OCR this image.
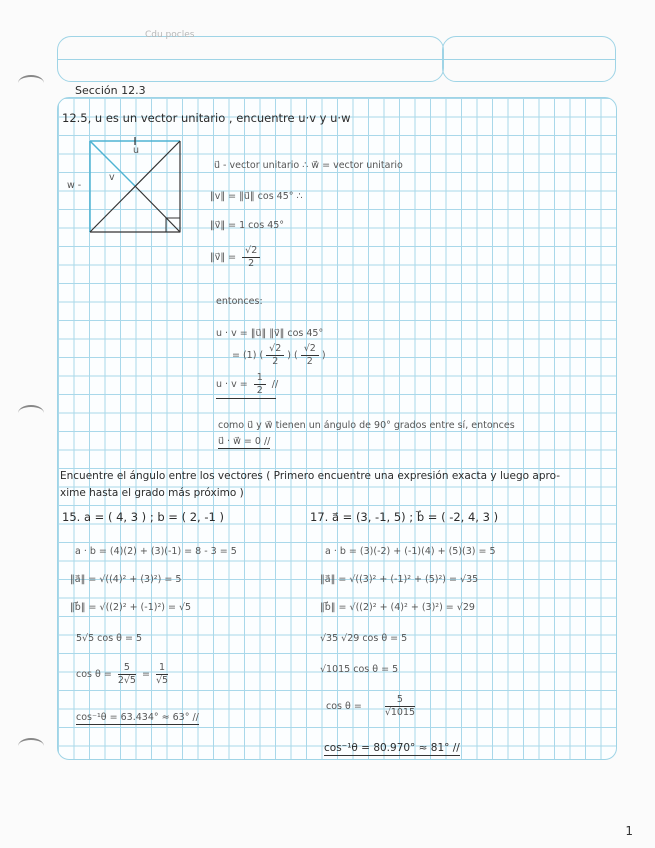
Cdu pocles
Sección 12.3
12.5, u es un vector unitario , encuentre u·v y u·w
u
v
w -
u⃗ - vector unitario ∴ w⃗ = vector unitario
‖v‖ = ‖u⃗‖ cos 45° ∴
‖v⃗‖ = 1 cos 45°
‖v⃗‖ = $\frac{√2}{2}$
entonces:
u · v = ‖u⃗‖ ‖v⃗‖ cos 45°
= (1) ( $\frac{√2}{2}$ ) ( $\frac{√2}{2}$ )
$u \cdot v = \frac{1}{2}$ //
como u⃗ y w⃗ tienen un ángulo de 90° grados entre sí, entonces
u⃗ · w⃗ = 0 //
Encuentre el ángulo entre los vectores ( Primero encuentre una expresión exacta y luego apro-
xime hasta el grado más próximo )
15. a = ( 4, 3 ) ; b = ( 2, -1 )
a · b = (4)(2) + (3)(-1) = 8 - 3 = 5
‖a⃗‖ = √((4)² + (3)²) = 5
‖b⃗‖ = √((2)² + (-1)²) = √5
5√5 cos θ = 5
$\cos \theta = \frac{5}{2√5} = \frac{1}{√5}$
cos⁻¹θ = 63.434° ≈ 63° //
17. a⃗ = (3, -1, 5) ; b⃗ = ( -2, 4, 3 )
a · b = (3)(-2) + (-1)(4) + (5)(3) = 5
‖a⃗‖ = √((3)² + (-1)² + (5)²) = √35
‖b⃗‖ = √((2)² + (4)² + (3)²) = √29
√35 √29 cos θ = 5
√1015 cos θ = 5
$\cos \theta = \frac{5}{√1015}$
cos⁻¹θ = 80.970° ≈ 81° //
1
